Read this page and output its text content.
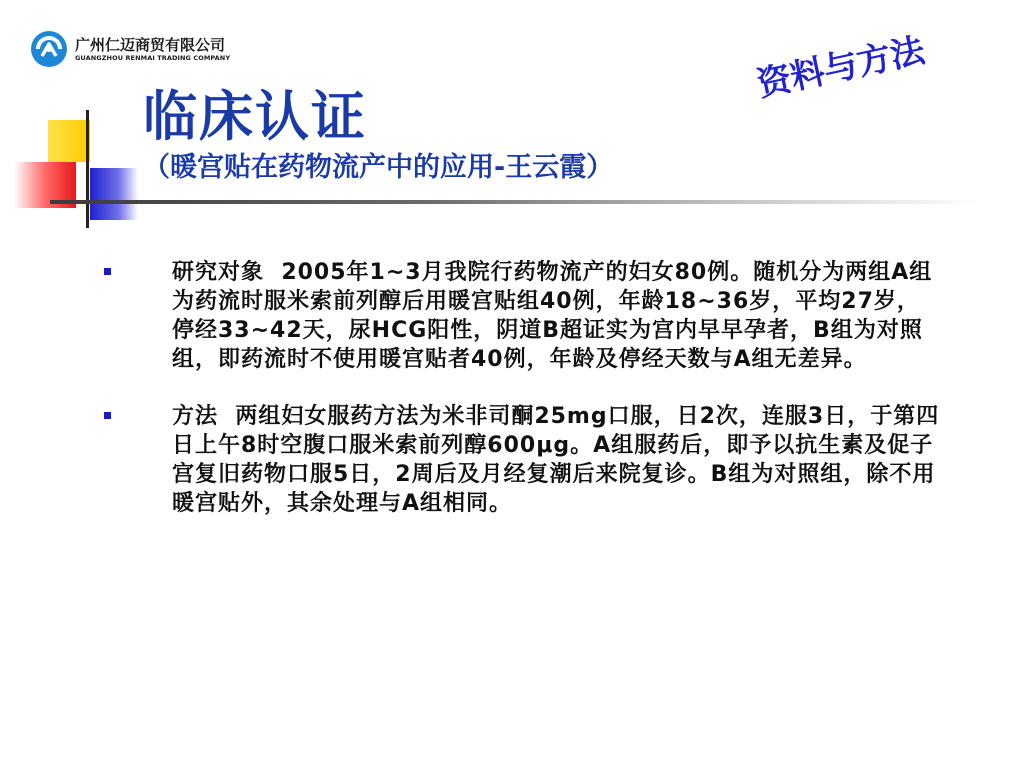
广州仁迈商贸有限公司
GUANGZHOU RENMAI TRADING COMPANY
临床认证
（暖宫贴在药物流产中的应用-王云霞）
资料与方法
研究对象  2005年1~3月我院行药物流产的妇女80例。随机分为两组A组为药流时服米索前列醇后用暖宫贴组40例，年龄18~36岁，平均27岁，停经33~42天，尿HCG阳性，阴道B超证实为宫内早早孕者，B组为对照组，即药流时不使用暖宫贴者40例，年龄及停经天数与A组无差异。
方法  两组妇女服药方法为米非司酮25mg口服，日2次，连服3日，于第四日上午8时空腹口服米索前列醇600μg。A组服药后，即予以抗生素及促子宫复旧药物口服5日，2周后及月经复潮后来院复诊。B组为对照组，除不用暖宫贴外，其余处理与A组相同。
